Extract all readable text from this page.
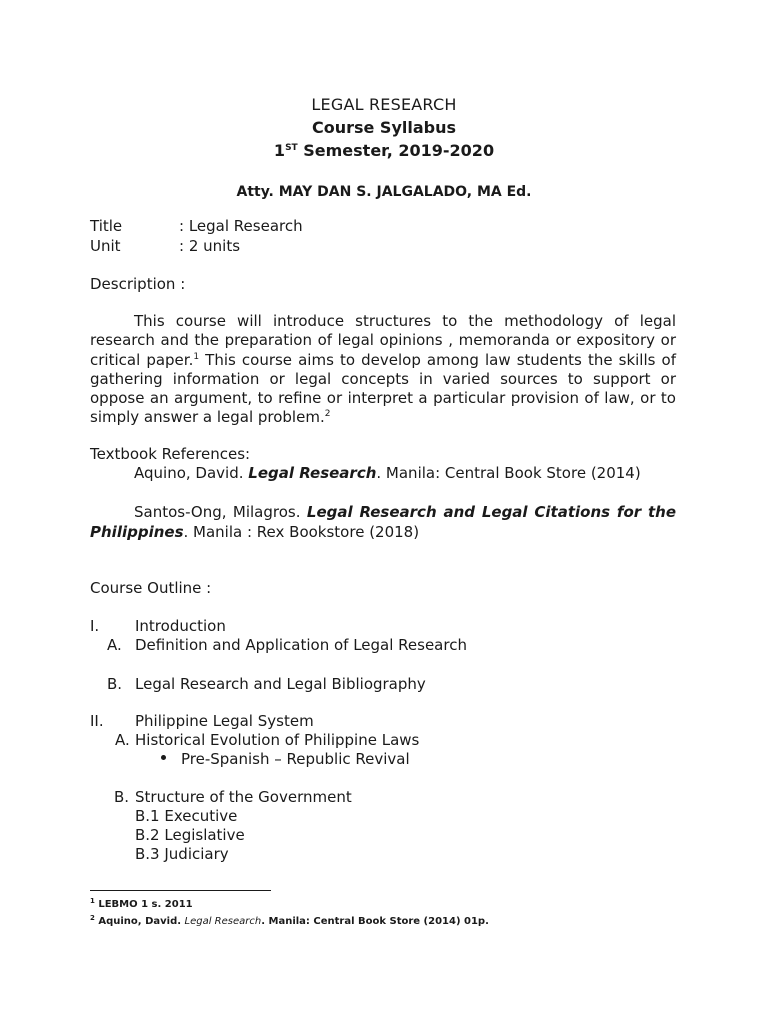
LEGAL RESEARCH
Course Syllabus
1ST Semester, 2019-2020
Atty. MAY DAN S. JALGALADO, MA Ed.
Title	: Legal Research
Unit	: 2 units
Description :
This course will introduce structures to the methodology of legal research and the preparation of legal opinions , memoranda or expository or critical paper.$^1$ This course aims to develop among law students the skills of gathering information or legal concepts in varied sources to support or oppose an argument, to refine or interpret a particular provision of law, or to simply answer a legal problem.$^2$
Textbook References:
Aquino, David. Legal Research. Manila: Central Book Store (2014)
Santos-Ong, Milagros. Legal Research and Legal Citations for the Philippines. Manila : Rex Bookstore (2018)
Course Outline :
I. Introduction
A. Definition and Application of Legal Research
B. Legal Research and Legal Bibliography
II. Philippine Legal System
A. Historical Evolution of Philippine Laws
Pre-Spanish – Republic Revival
B. Structure of the Government
B.1 Executive
B.2 Legislative
B.3 Judiciary
$^1$ LEBMO 1 s. 2011
$^2$ Aquino, David. Legal Research. Manila: Central Book Store (2014) 01p.
